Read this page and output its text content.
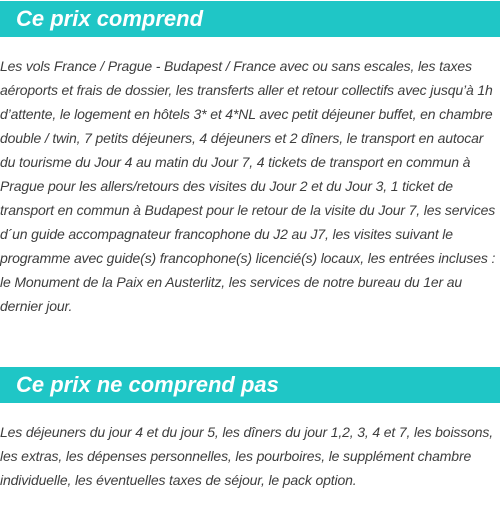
Ce prix comprend

Les vols France / Prague - Budapest / France avec ou sans escales, les taxes aéroports et frais de dossier, les transferts aller et retour collectifs avec jusqu’à 1h d’attente, le logement en hôtels 3* et 4*NL avec petit déjeuner buffet, en chambre double / twin, 7 petits déjeuners, 4 déjeuners et 2 dîners, le transport en autocar du tourisme du Jour 4 au matin du Jour 7, 4 tickets de transport en commun à Prague pour les allers/retours des visites du Jour 2 et du Jour 3, 1 ticket de transport en commun à Budapest pour le retour de la visite du Jour 7, les services d´un guide accompagnateur francophone du J2 au J7, les visites suivant le programme avec guide(s) francophone(s) licencié(s) locaux, les entrées incluses : le Monument de la Paix en Austerlitz, les services de notre bureau du 1er au dernier jour.

Ce prix ne comprend pas

Les déjeuners du jour 4 et du jour 5, les dîners du jour 1,2, 3, 4 et 7, les boissons, les extras, les dépenses personnelles, les pourboires, le supplément chambre individuelle, les éventuelles taxes de séjour, le pack option.
